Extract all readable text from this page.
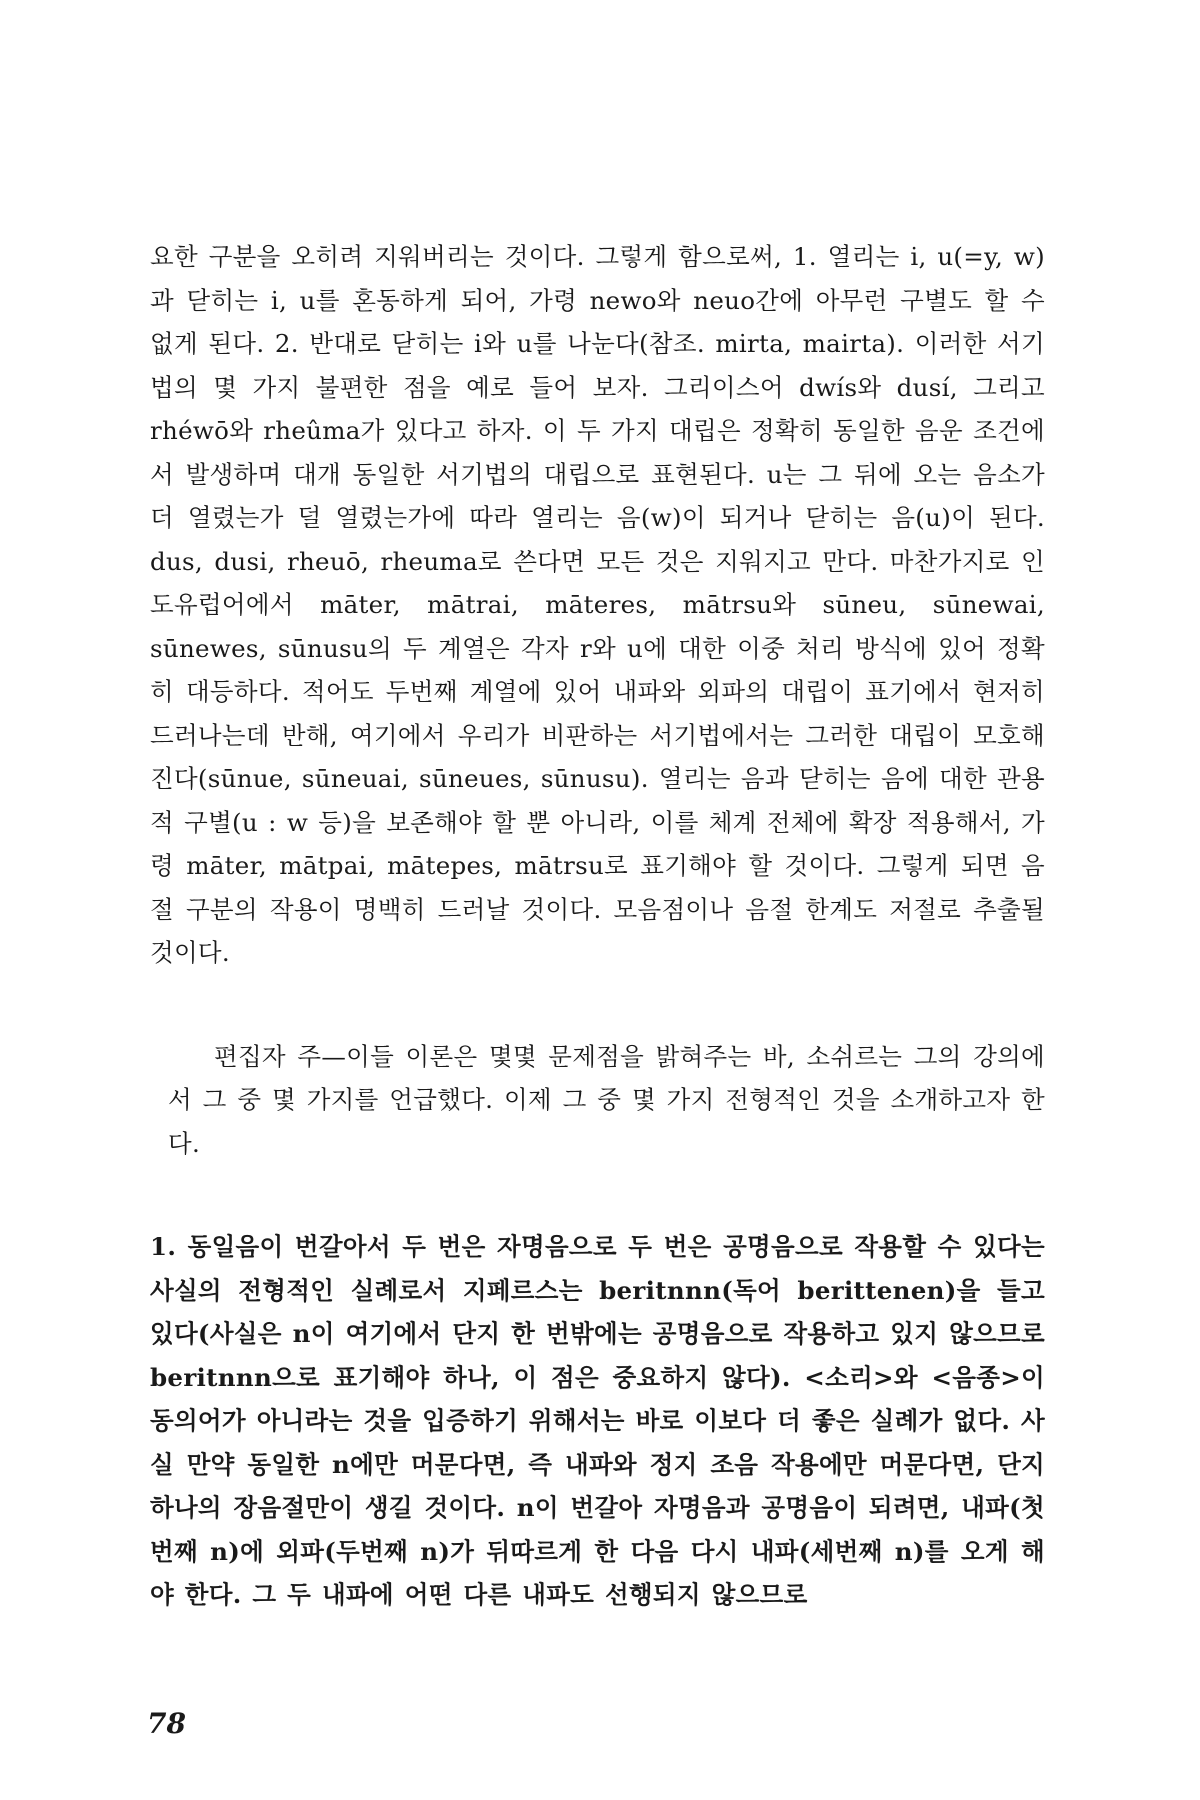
요한 구분을 오히려 지워버리는 것이다. 그렇게 함으로써, 1. 열리는 i, u(=y, w)과 닫히는 i, u를 혼동하게 되어, 가령 newo와 neuo간에 아무런 구별도 할 수 없게 된다. 2. 반대로 닫히는 i와 u를 나눈다(참조. mirta, mairta). 이러한 서기법의 몇 가지 불편한 점을 예로 들어 보자. 그리이스어 dwís와 dusí, 그리고 rhéwō와 rheûma가 있다고 하자. 이 두 가지 대립은 정확히 동일한 음운 조건에서 발생하며 대개 동일한 서기법의 대립으로 표현된다. u는 그 뒤에 오는 음소가 더 열렸는가 덜 열렸는가에 따라 열리는 음(w)이 되거나 닫히는 음(u)이 된다. dus, dusi, rheuō, rheuma로 쓴다면 모든 것은 지워지고 만다. 마찬가지로 인도유럽어에서 māter, mātrai, māteres, mātrsu와 sūneu, sūnewai, sūnewes, sūnusu의 두 계열은 각자 r와 u에 대한 이중 처리 방식에 있어 정확히 대등하다. 적어도 두번째 계열에 있어 내파와 외파의 대립이 표기에서 현저히 드러나는데 반해, 여기에서 우리가 비판하는 서기법에서는 그러한 대립이 모호해진다(sūnue, sūneuai, sūneues, sūnusu). 열리는 음과 닫히는 음에 대한 관용적 구별(u : w 등)을 보존해야 할 뿐 아니라, 이를 체계 전체에 확장 적용해서, 가령 māter, mātpai, mātepes, mātrsu로 표기해야 할 것이다. 그렇게 되면 음절 구분의 작용이 명백히 드러날 것이다. 모음점이나 음절 한계도 저절로 추출될 것이다.

편집자 주—이들 이론은 몇몇 문제점을 밝혀주는 바, 소쉬르는 그의 강의에서 그 중 몇 가지를 언급했다. 이제 그 중 몇 가지 전형적인 것을 소개하고자 한다.

1. 동일음이 번갈아서 두 번은 자명음으로 두 번은 공명음으로 작용할 수 있다는 사실의 전형적인 실례로서 지페르스는 beritnnn(독어 berittenen)을 들고 있다(사실은 n이 여기에서 단지 한 번밖에는 공명음으로 작용하고 있지 않으므로 beritnnn으로 표기해야 하나, 이 점은 중요하지 않다). <소리>와 <음종>이 동의어가 아니라는 것을 입증하기 위해서는 바로 이보다 더 좋은 실례가 없다. 사실 만약 동일한 n에만 머문다면, 즉 내파와 정지 조음 작용에만 머문다면, 단지 하나의 장음절만이 생길 것이다. n이 번갈아 자명음과 공명음이 되려면, 내파(첫번째 n)에 외파(두번째 n)가 뒤따르게 한 다음 다시 내파(세번째 n)를 오게 해야 한다. 그 두 내파에 어떤 다른 내파도 선행되지 않으므로

78
